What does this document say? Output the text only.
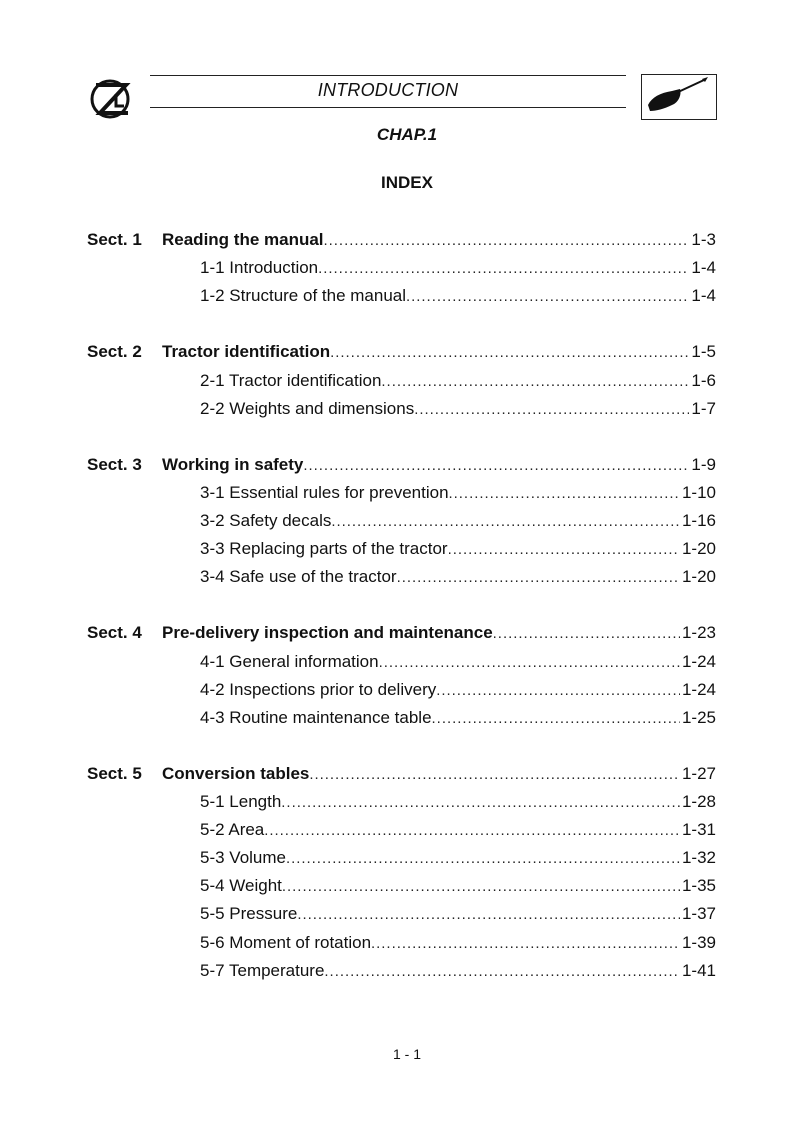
INTRODUCTION
CHAP.1
INDEX
Sect. 1 Reading the manual . . .	1-3
1-1 Introduction . . .	1-4
1-2 Structure of the manual . . .	1-4
Sect. 2 Tractor identification . . .	1-5
2-1 Tractor identification . . .	1-6
2-2 Weights and dimensions . . .	1-7
Sect. 3 Working in safety . . .	1-9
3-1 Essential rules for prevention . . .	1-10
3-2 Safety decals . . .	1-16
3-3 Replacing parts of the tractor . . .	1-20
3-4 Safe use of the tractor . . .	1-20
Sect. 4 Pre-delivery inspection and maintenance . . .	1-23
4-1 General information . . .	1-24
4-2 Inspections prior to delivery . . .	1-24
4-3 Routine maintenance table . . .	1-25
Sect. 5 Conversion tables . . .	1-27
5-1 Length . . .	1-28
5-2 Area . . .	1-31
5-3 Volume . . .	1-32
5-4 Weight . . .	1-35
5-5 Pressure . . .	1-37
5-6 Moment of rotation . . .	1-39
5-7 Temperature . . .	1-41
1 - 1
